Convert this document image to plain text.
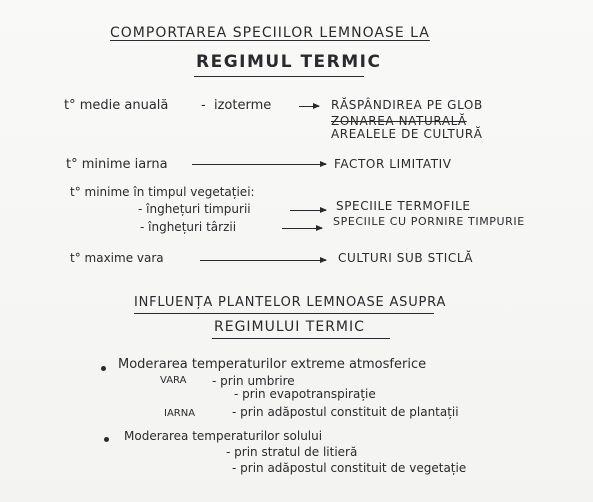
COMPORTAREA SPECIILOR LEMNOASE LA
REGIMUL TERMIC
t° medie anuală	- izoterme	RĂSPÂNDIREA PE GLOB
ZONAREA NATURALĂ
AREALELE DE CULTURĂ
t° minime iarna	FACTOR LIMITATIV
t° minime în timpul vegetației:
- înghețuri timpurii	SPECIILE TERMOFILE
- înghețuri târzii	SPECIILE CU PORNIRE TIMPURIE
t° maxime vara	CULTURI SUB STICLĂ
INFLUENȚA PLANTELOR LEMNOASE ASUPRA
REGIMULUI TERMIC
Moderarea temperaturilor extreme atmosferice
VARA - prin umbrire
- prin evapotranspirație
IARNA	- prin adăpostul constituit de plantații
Moderarea temperaturilor solului
- prin stratul de litieră
- prin adăpostul constituit de vegetație
